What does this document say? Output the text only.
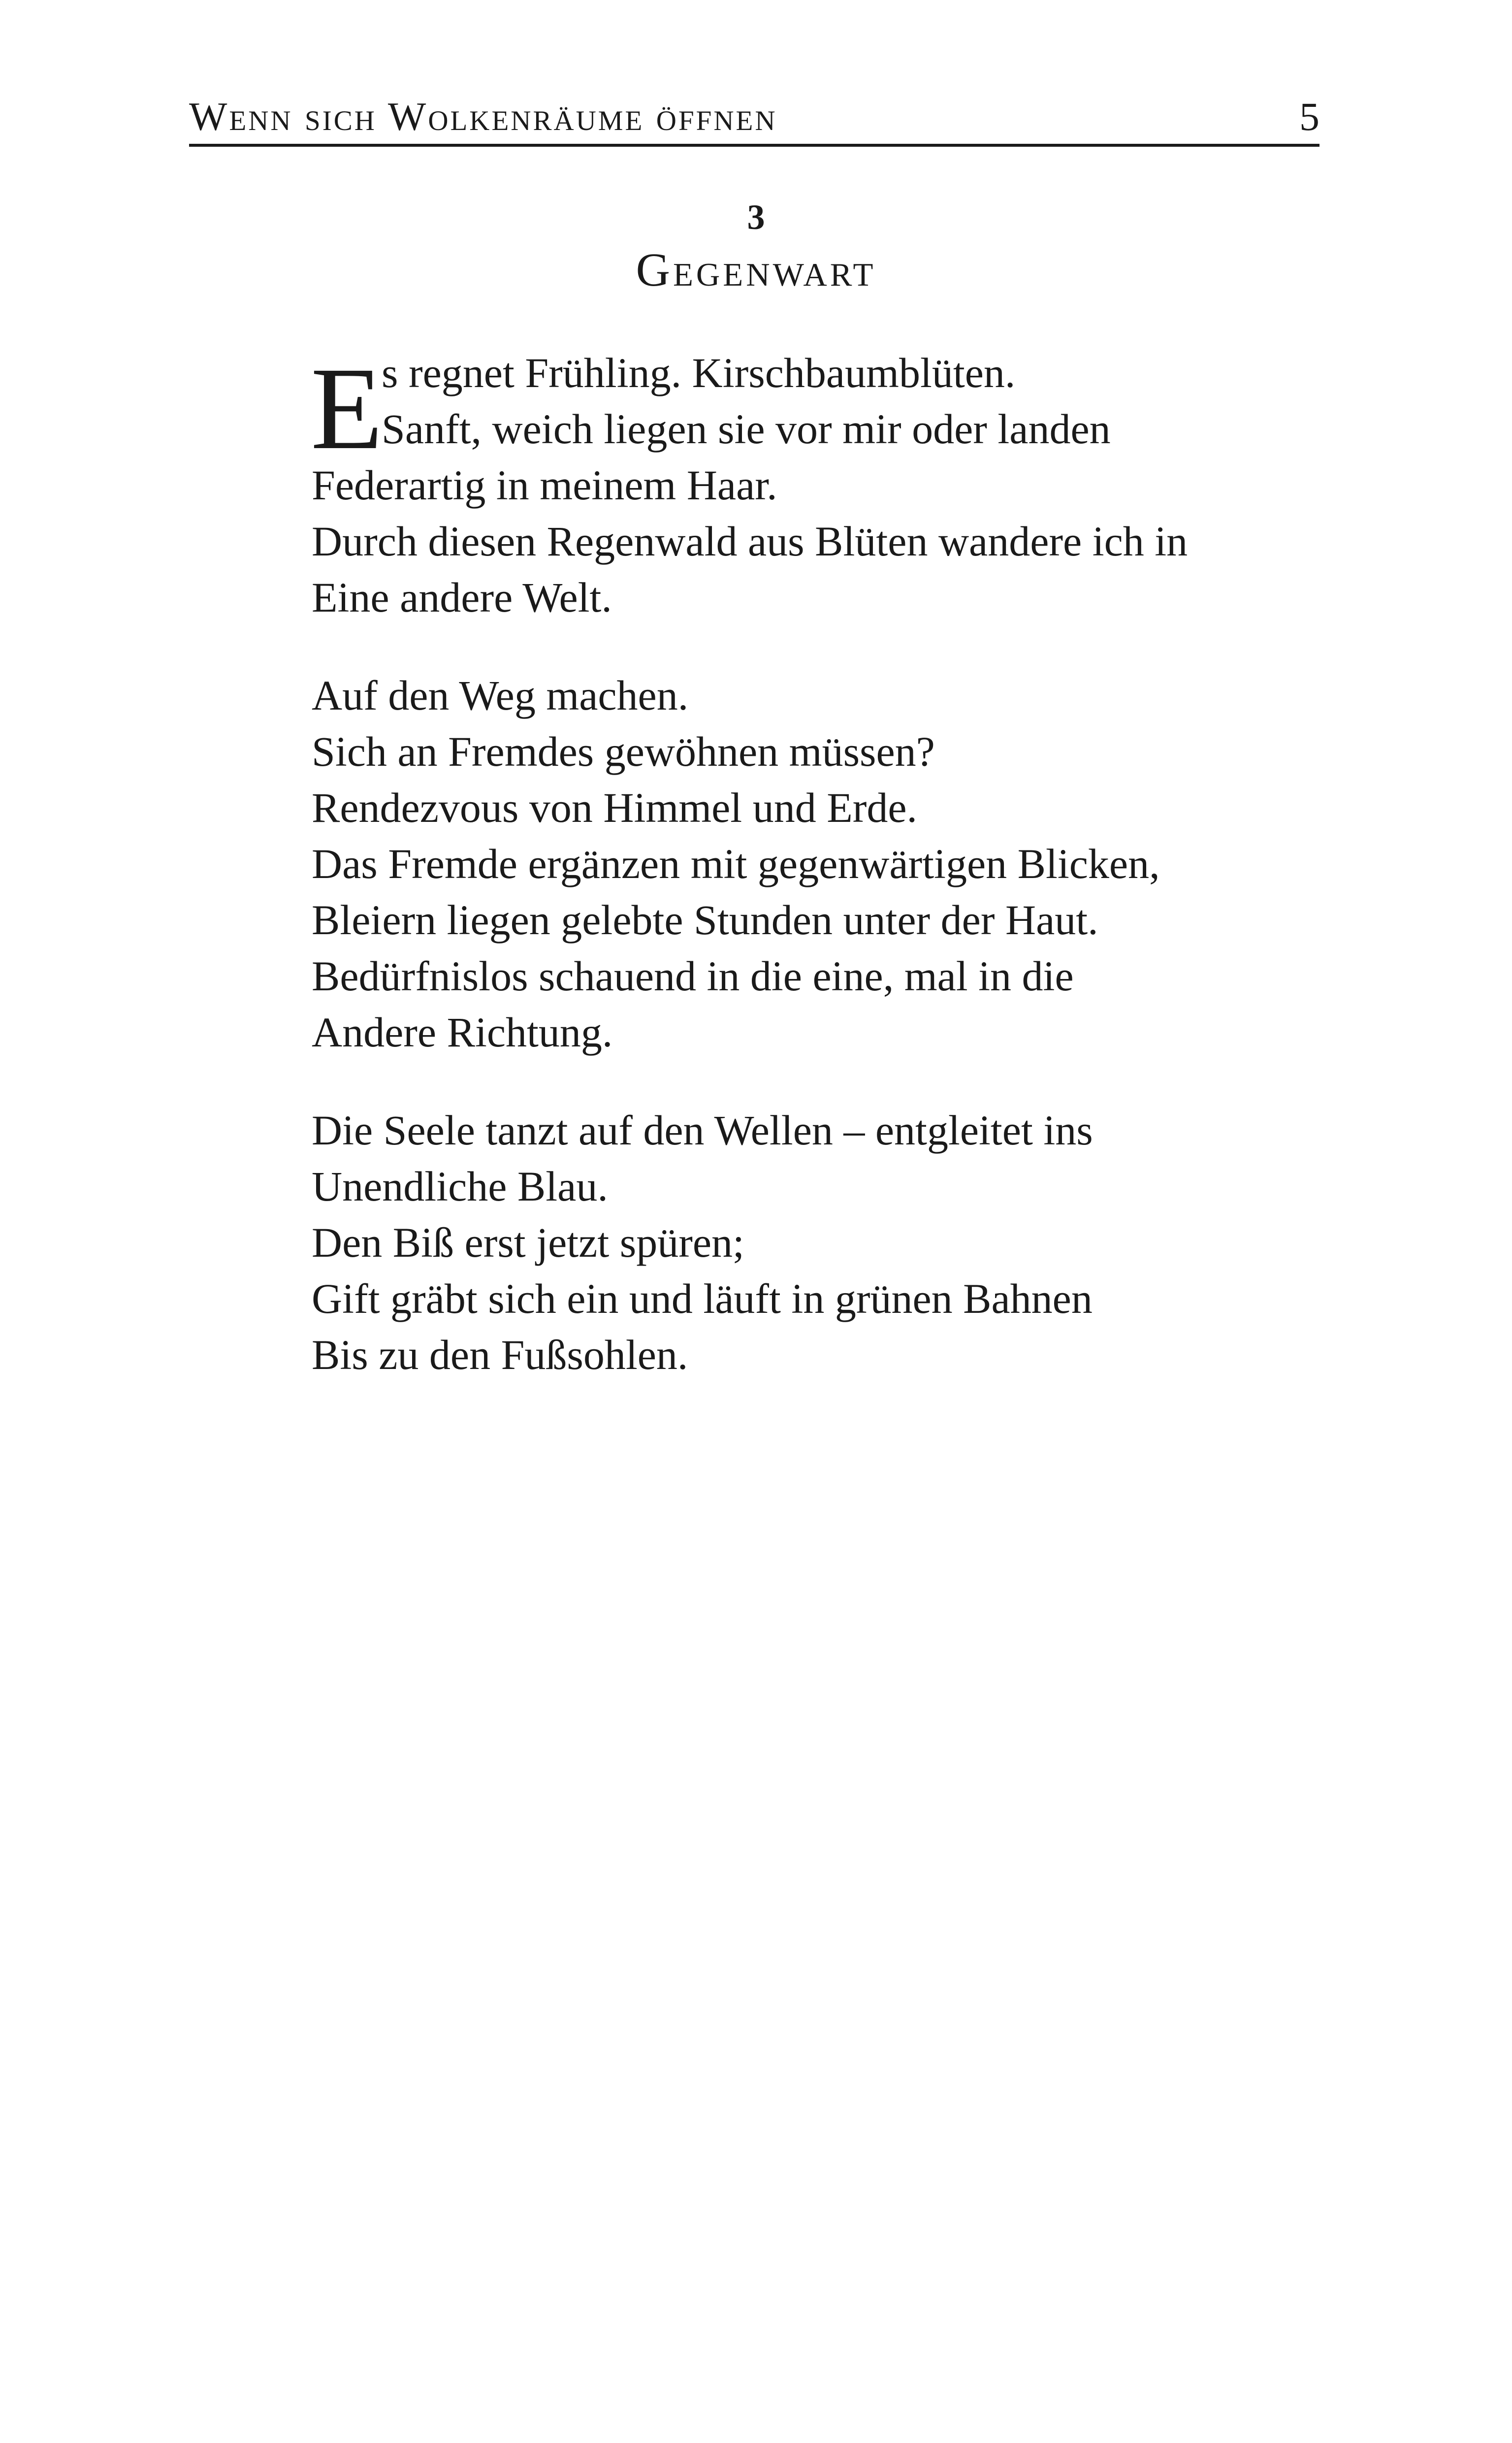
Wenn sich Wolkenräume öffnen	5
3
Gegenwart
E
s regnet Frühling. Kirschbaumblüten.
Sanft, weich liegen sie vor mir oder landen
Federartig in meinem Haar.
Durch diesen Regenwald aus Blüten wandere ich in
Eine andere Welt.
Auf den Weg machen.
Sich an Fremdes gewöhnen müssen?
Rendezvous von Himmel und Erde.
Das Fremde ergänzen mit gegenwärtigen Blicken,
Bleiern liegen gelebte Stunden unter der Haut.
Bedürfnislos schauend in die eine, mal in die
Andere Richtung.
Die Seele tanzt auf den Wellen – entgleitet ins
Unendliche Blau.
Den Biß erst jetzt spüren;
Gift gräbt sich ein und läuft in grünen Bahnen
Bis zu den Fußsohlen.
